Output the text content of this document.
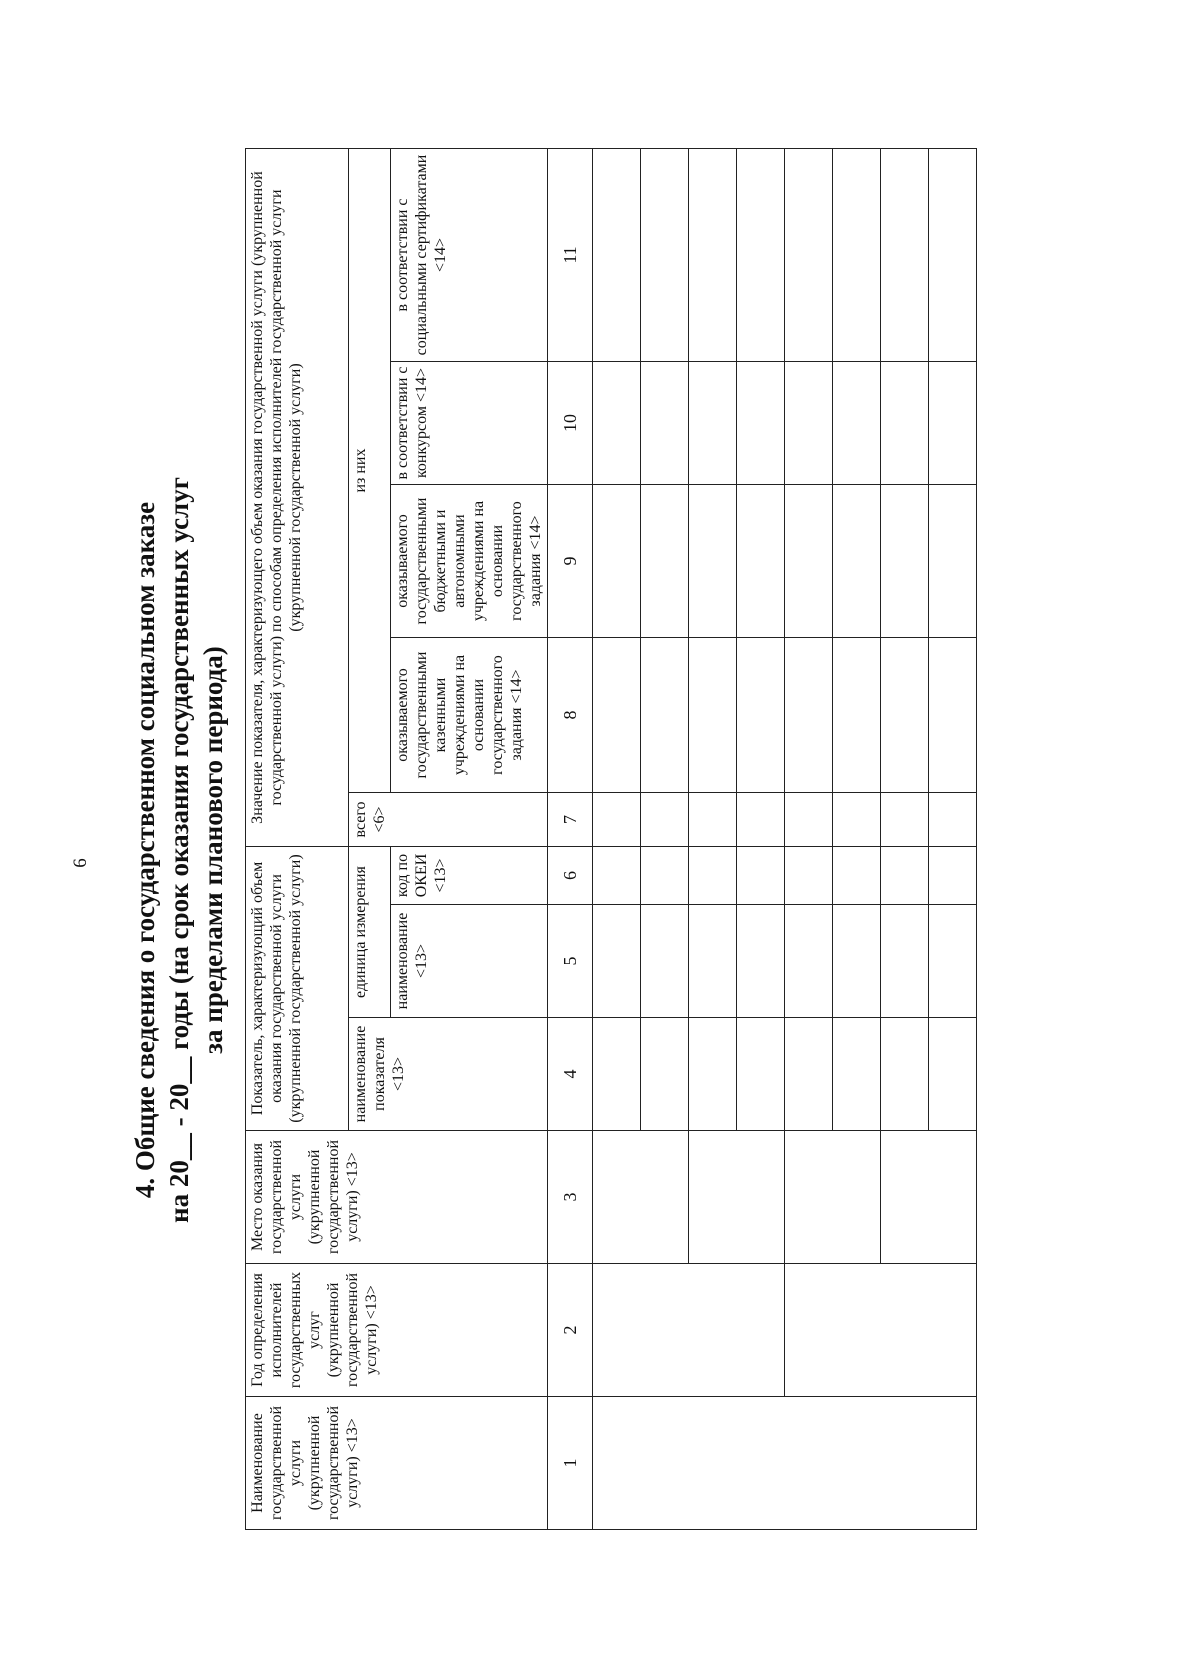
6 4. Общие сведения о государственном социальном заказе на 20__ - 20__ годы (на срок оказания государственных услуг за пределами планового периода)
Наименование государственной услуги (укрупненной государственной услуги) <13>	Год определения исполнителей государственных услуг (укрупненной государственной услуги) <13>	Место оказания государственной услуги (укрупненной государственной услуги) <13>	Показатель, характеризующий объем оказания государственной услуги (укрупненной государственной услуги)			Значение показателя, характеризующего объем оказания государственной услуги (укрупненной государственной услуги) по способам определения исполнителей государственной услуги (укрупненной государственной услуги)				
			наименование показателя <13>	единица измерения		всего <6>	из них			
				наименование <13>	код по ОКЕИ <13>		оказываемого государственными казенными учреждениями на основании государственного задания <14>	оказываемого государственными бюджетными и автономными учреждениями на основании государственного задания <14>	в соответствии с конкурсом <14>	в соответствии с социальными сертификатами <14>
1	2	3	4	5	6	7	8	9	10	11
